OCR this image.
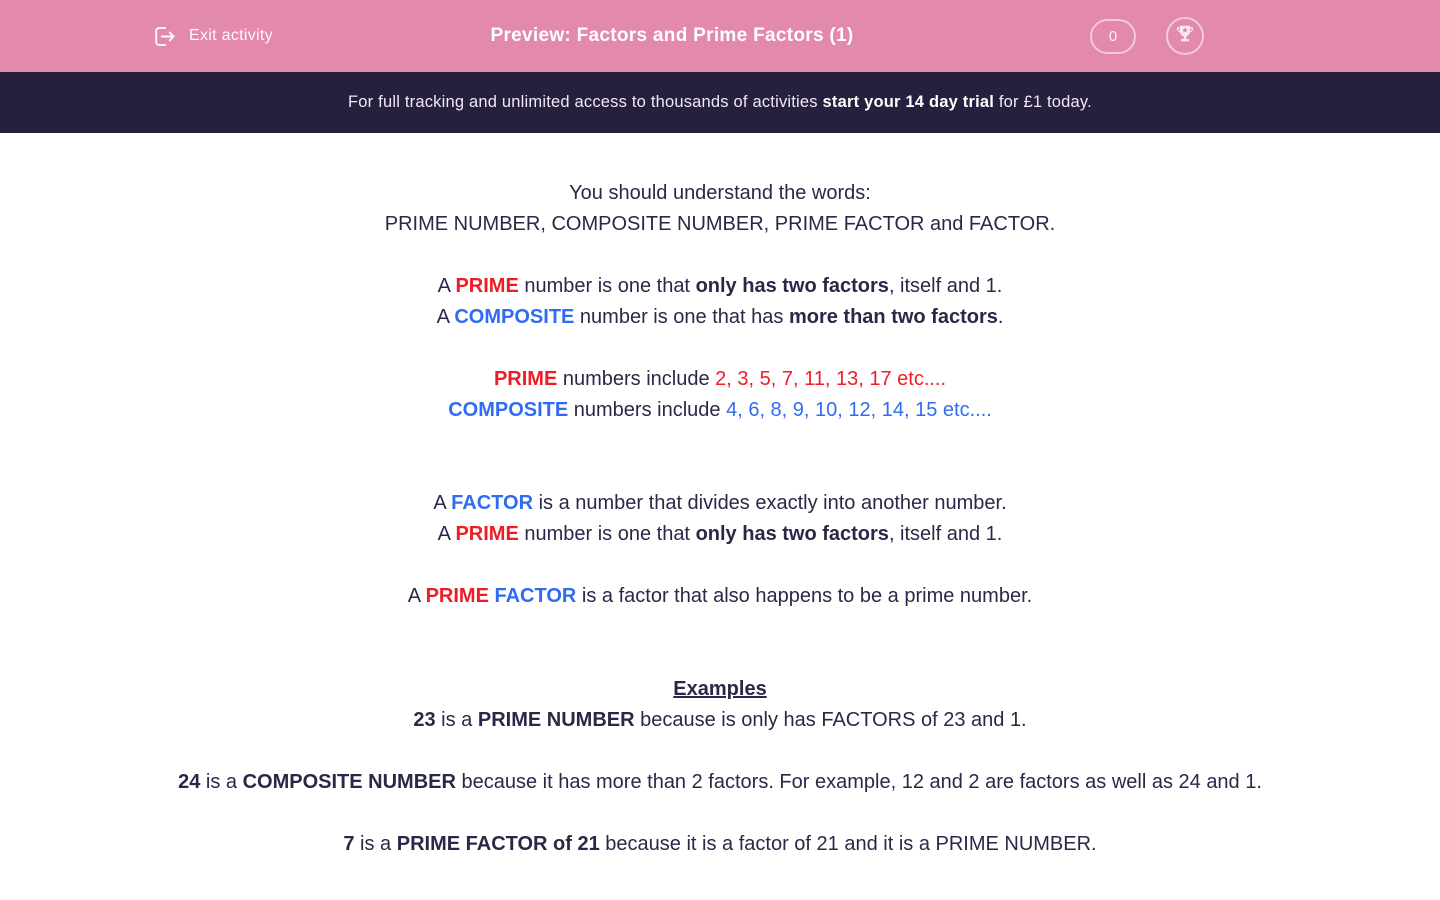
Exit activity	Preview: Factors and Prime Factors (1)	0
For full tracking and unlimited access to thousands of activities start your 14 day trial for £1 today.
You should understand the words:
PRIME NUMBER, COMPOSITE NUMBER, PRIME FACTOR and FACTOR.
A PRIME number is one that only has two factors, itself and 1.
A COMPOSITE number is one that has more than two factors.
PRIME numbers include 2, 3, 5, 7, 11, 13, 17 etc....
COMPOSITE numbers include 4, 6, 8, 9, 10, 12, 14, 15 etc....
A FACTOR is a number that divides exactly into another number.
A PRIME number is one that only has two factors, itself and 1.
A PRIME FACTOR is a factor that also happens to be a prime number.
Examples
23 is a PRIME NUMBER because is only has FACTORS of 23 and 1.
24 is a COMPOSITE NUMBER because it has more than 2 factors. For example, 12 and 2 are factors as well as 24 and 1.
7 is a PRIME FACTOR of 21 because it is a factor of 21 and it is a PRIME NUMBER.
